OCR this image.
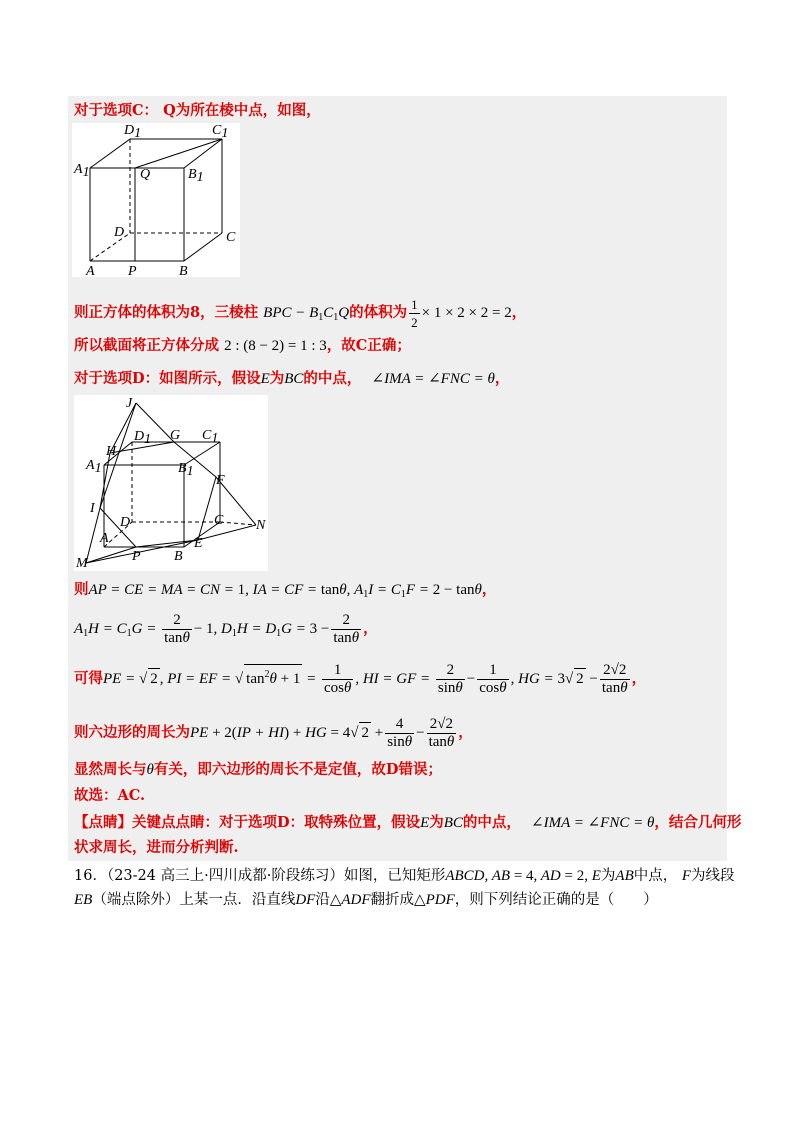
对于选项C： Q为所在棱中点，如图，
D1	C1
A1	Q	B1
D	C
A P	B
则正方体的体积为8，三棱柱 BPC − $B_1C_1Q$的体积为 $\frac{1}{2} \times 1 \times 2 \times 2 = 2$，
所以截面将正方体分成 2 : (8 − 2) = 1 : 3，故C正确；
对于选项D：如图所示，假设E为BC的中点， ∠IMA = ∠FNC = θ，
J
D1 G C1
H
A1	B1
F
I
D	C N
A	E
M	P B
则AP = CE = MA = CN = 1, IA = CF = tanθ, $A_1I = C_1F = 2 - \tan\theta$，
$A_1H = C_1G = \frac{2}{\tan\theta} - 1$, $D_1H = D_1G = 3 - \frac{2}{\tan\theta}$ ，
可得PE = √ 2 , PI = EF = √ $\tan^2\theta + 1 = \frac{1}{\cos\theta}$ , HI = GF = $\frac{2}{\sin\theta} - \frac{1}{\cos\theta}$ , HG = 3√ $2 - \frac{2√2}{\tan\theta}$ ，
则六边形的周长为PE + 2(IP + HI) + HG = 4√ $2 + \frac{4}{\sin\theta} - \frac{2√2}{\tan\theta}$ ，
显然周长与θ有关，即六边形的周长不是定值，故D错误；
故选：AC.
【点睛】关键点点睛：对于选项D：取特殊位置，假设E为BC的中点， ∠IMA = ∠FNC = θ，结合几何形
状求周长，进而分析判断.
16．（23-24 高三上·四川成都·阶段练习）如图，已知矩形ABCD, AB = 4, AD = 2, E为AB中点， F为线段
EB（端点除外）上某一点．沿直线DF沿△ADF翻折成△PDF，则下列结论正确的是（　　）
